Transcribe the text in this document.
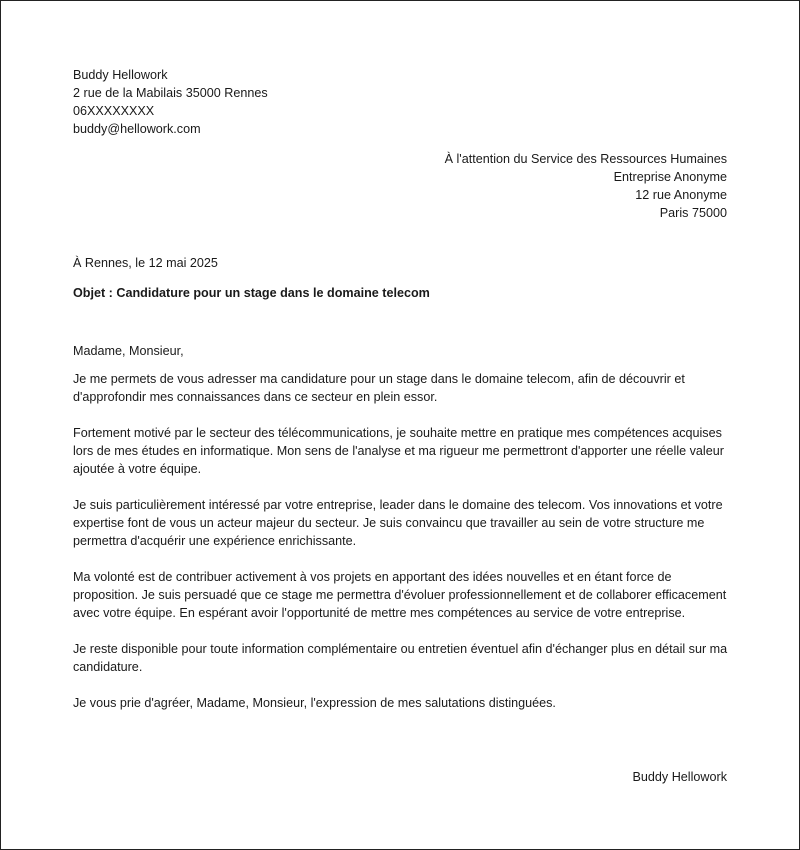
Buddy Hellowork
2 rue de la Mabilais 35000 Rennes
06XXXXXXXX
buddy@hellowork.com
À l'attention du Service des Ressources Humaines
Entreprise Anonyme
12 rue Anonyme
Paris 75000
À Rennes, le 12 mai 2025
Objet : Candidature pour un stage dans le domaine telecom

Madame, Monsieur,

Je me permets de vous adresser ma candidature pour un stage dans le domaine telecom, afin de découvrir et d'approfondir mes connaissances dans ce secteur en plein essor.

Fortement motivé par le secteur des télécommunications, je souhaite mettre en pratique mes compétences acquises lors de mes études en informatique. Mon sens de l'analyse et ma rigueur me permettront d'apporter une réelle valeur ajoutée à votre équipe.

Je suis particulièrement intéressé par votre entreprise, leader dans le domaine des telecom. Vos innovations et votre expertise font de vous un acteur majeur du secteur. Je suis convaincu que travailler au sein de votre structure me permettra d'acquérir une expérience enrichissante.

Ma volonté est de contribuer activement à vos projets en apportant des idées nouvelles et en étant force de proposition. Je suis persuadé que ce stage me permettra d'évoluer professionnellement et de collaborer efficacement avec votre équipe. En espérant avoir l'opportunité de mettre mes compétences au service de votre entreprise.

Je reste disponible pour toute information complémentaire ou entretien éventuel afin d'échanger plus en détail sur ma candidature.

Je vous prie d'agréer, Madame, Monsieur, l'expression de mes salutations distinguées.

Buddy Hellowork
